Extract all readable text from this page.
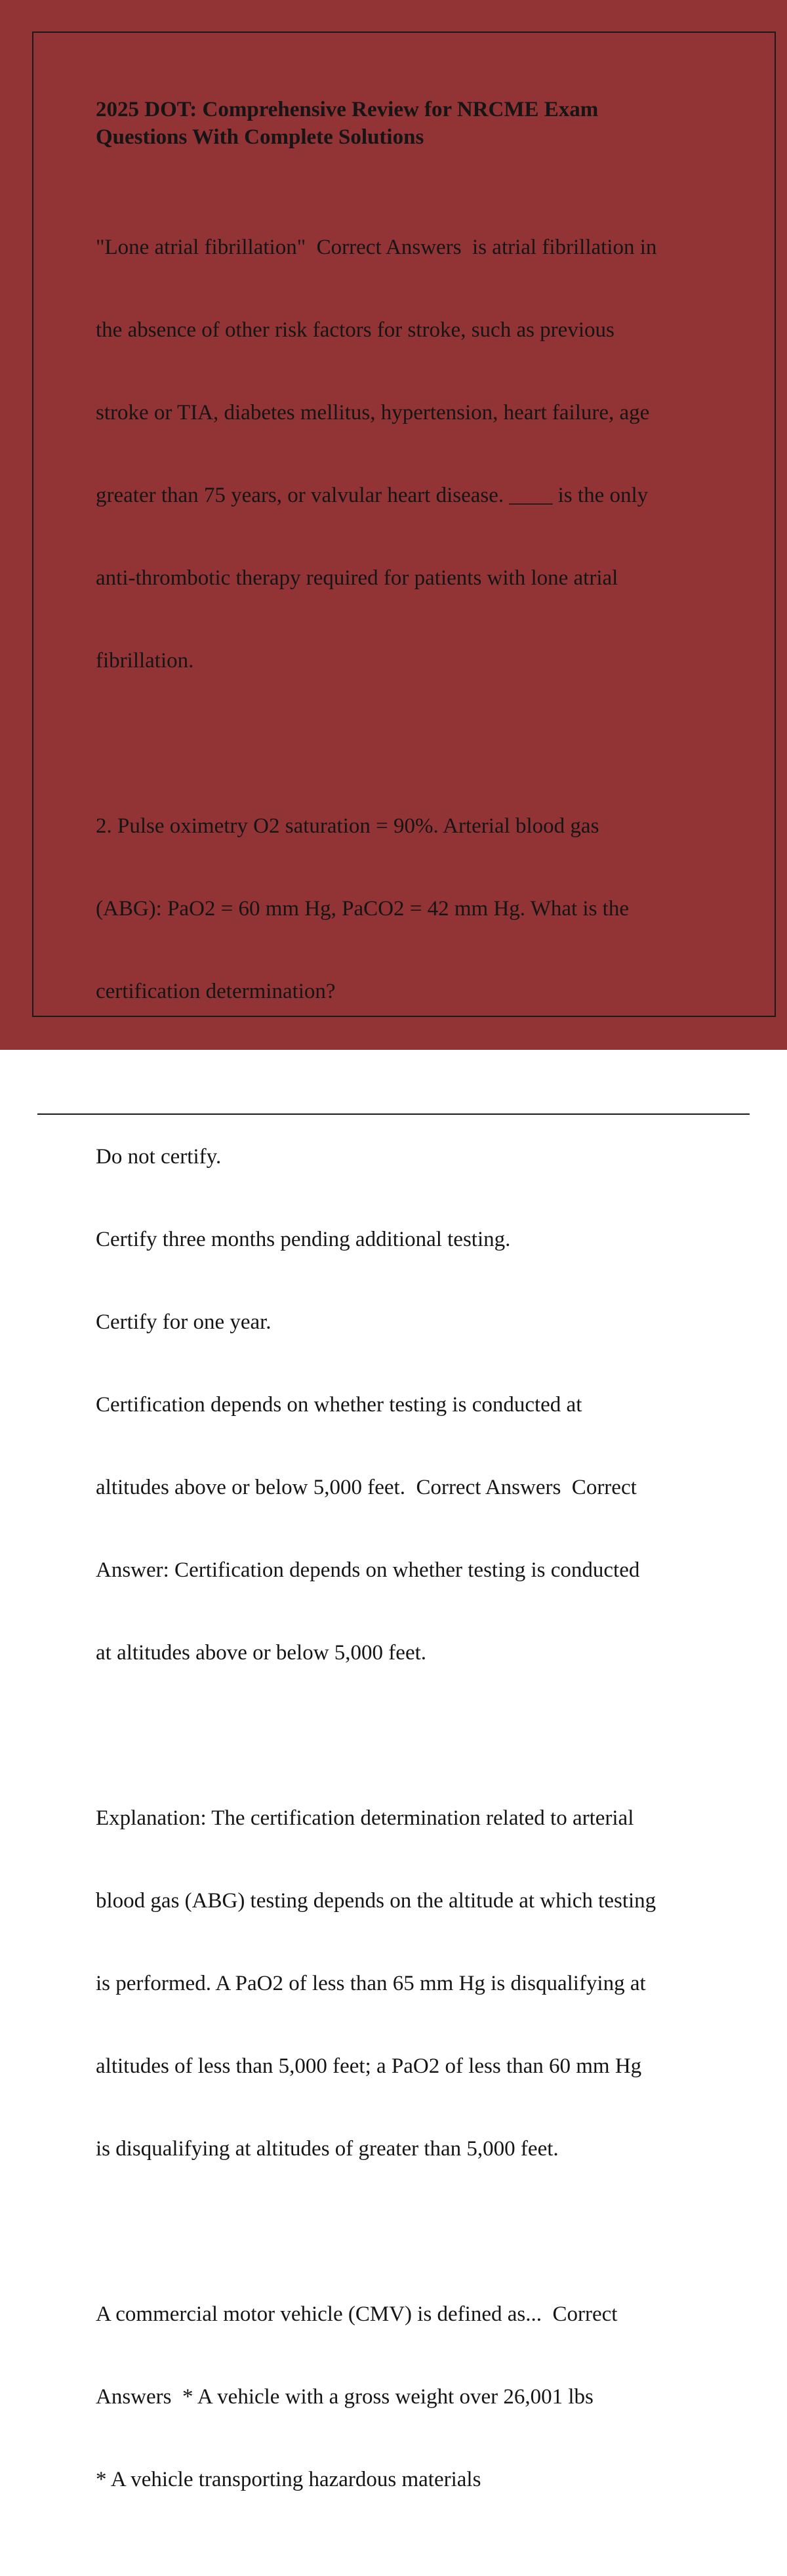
2025 DOT: Comprehensive Review for NRCME Exam
Questions With Complete Solutions

"Lone atrial fibrillation"  Correct Answers  is atrial fibrillation in

the absence of other risk factors for stroke, such as previous

stroke or TIA, diabetes mellitus, hypertension, heart failure, age

greater than 75 years, or valvular heart disease. ____ is the only

anti-thrombotic therapy required for patients with lone atrial

fibrillation.

2. Pulse oximetry O2 saturation = 90%. Arterial blood gas

(ABG): PaO2 = 60 mm Hg, PaCO2 = 42 mm Hg. What is the

certification determination?

Do not certify.

Certify three months pending additional testing.

Certify for one year.

Certification depends on whether testing is conducted at

altitudes above or below 5,000 feet.  Correct Answers  Correct

Answer: Certification depends on whether testing is conducted

at altitudes above or below 5,000 feet.

Explanation: The certification determination related to arterial

blood gas (ABG) testing depends on the altitude at which testing

is performed. A PaO2 of less than 65 mm Hg is disqualifying at

altitudes of less than 5,000 feet; a PaO2 of less than 60 mm Hg

is disqualifying at altitudes of greater than 5,000 feet.

A commercial motor vehicle (CMV) is defined as...  Correct

Answers  * A vehicle with a gross weight over 26,001 lbs

* A vehicle transporting hazardous materials
